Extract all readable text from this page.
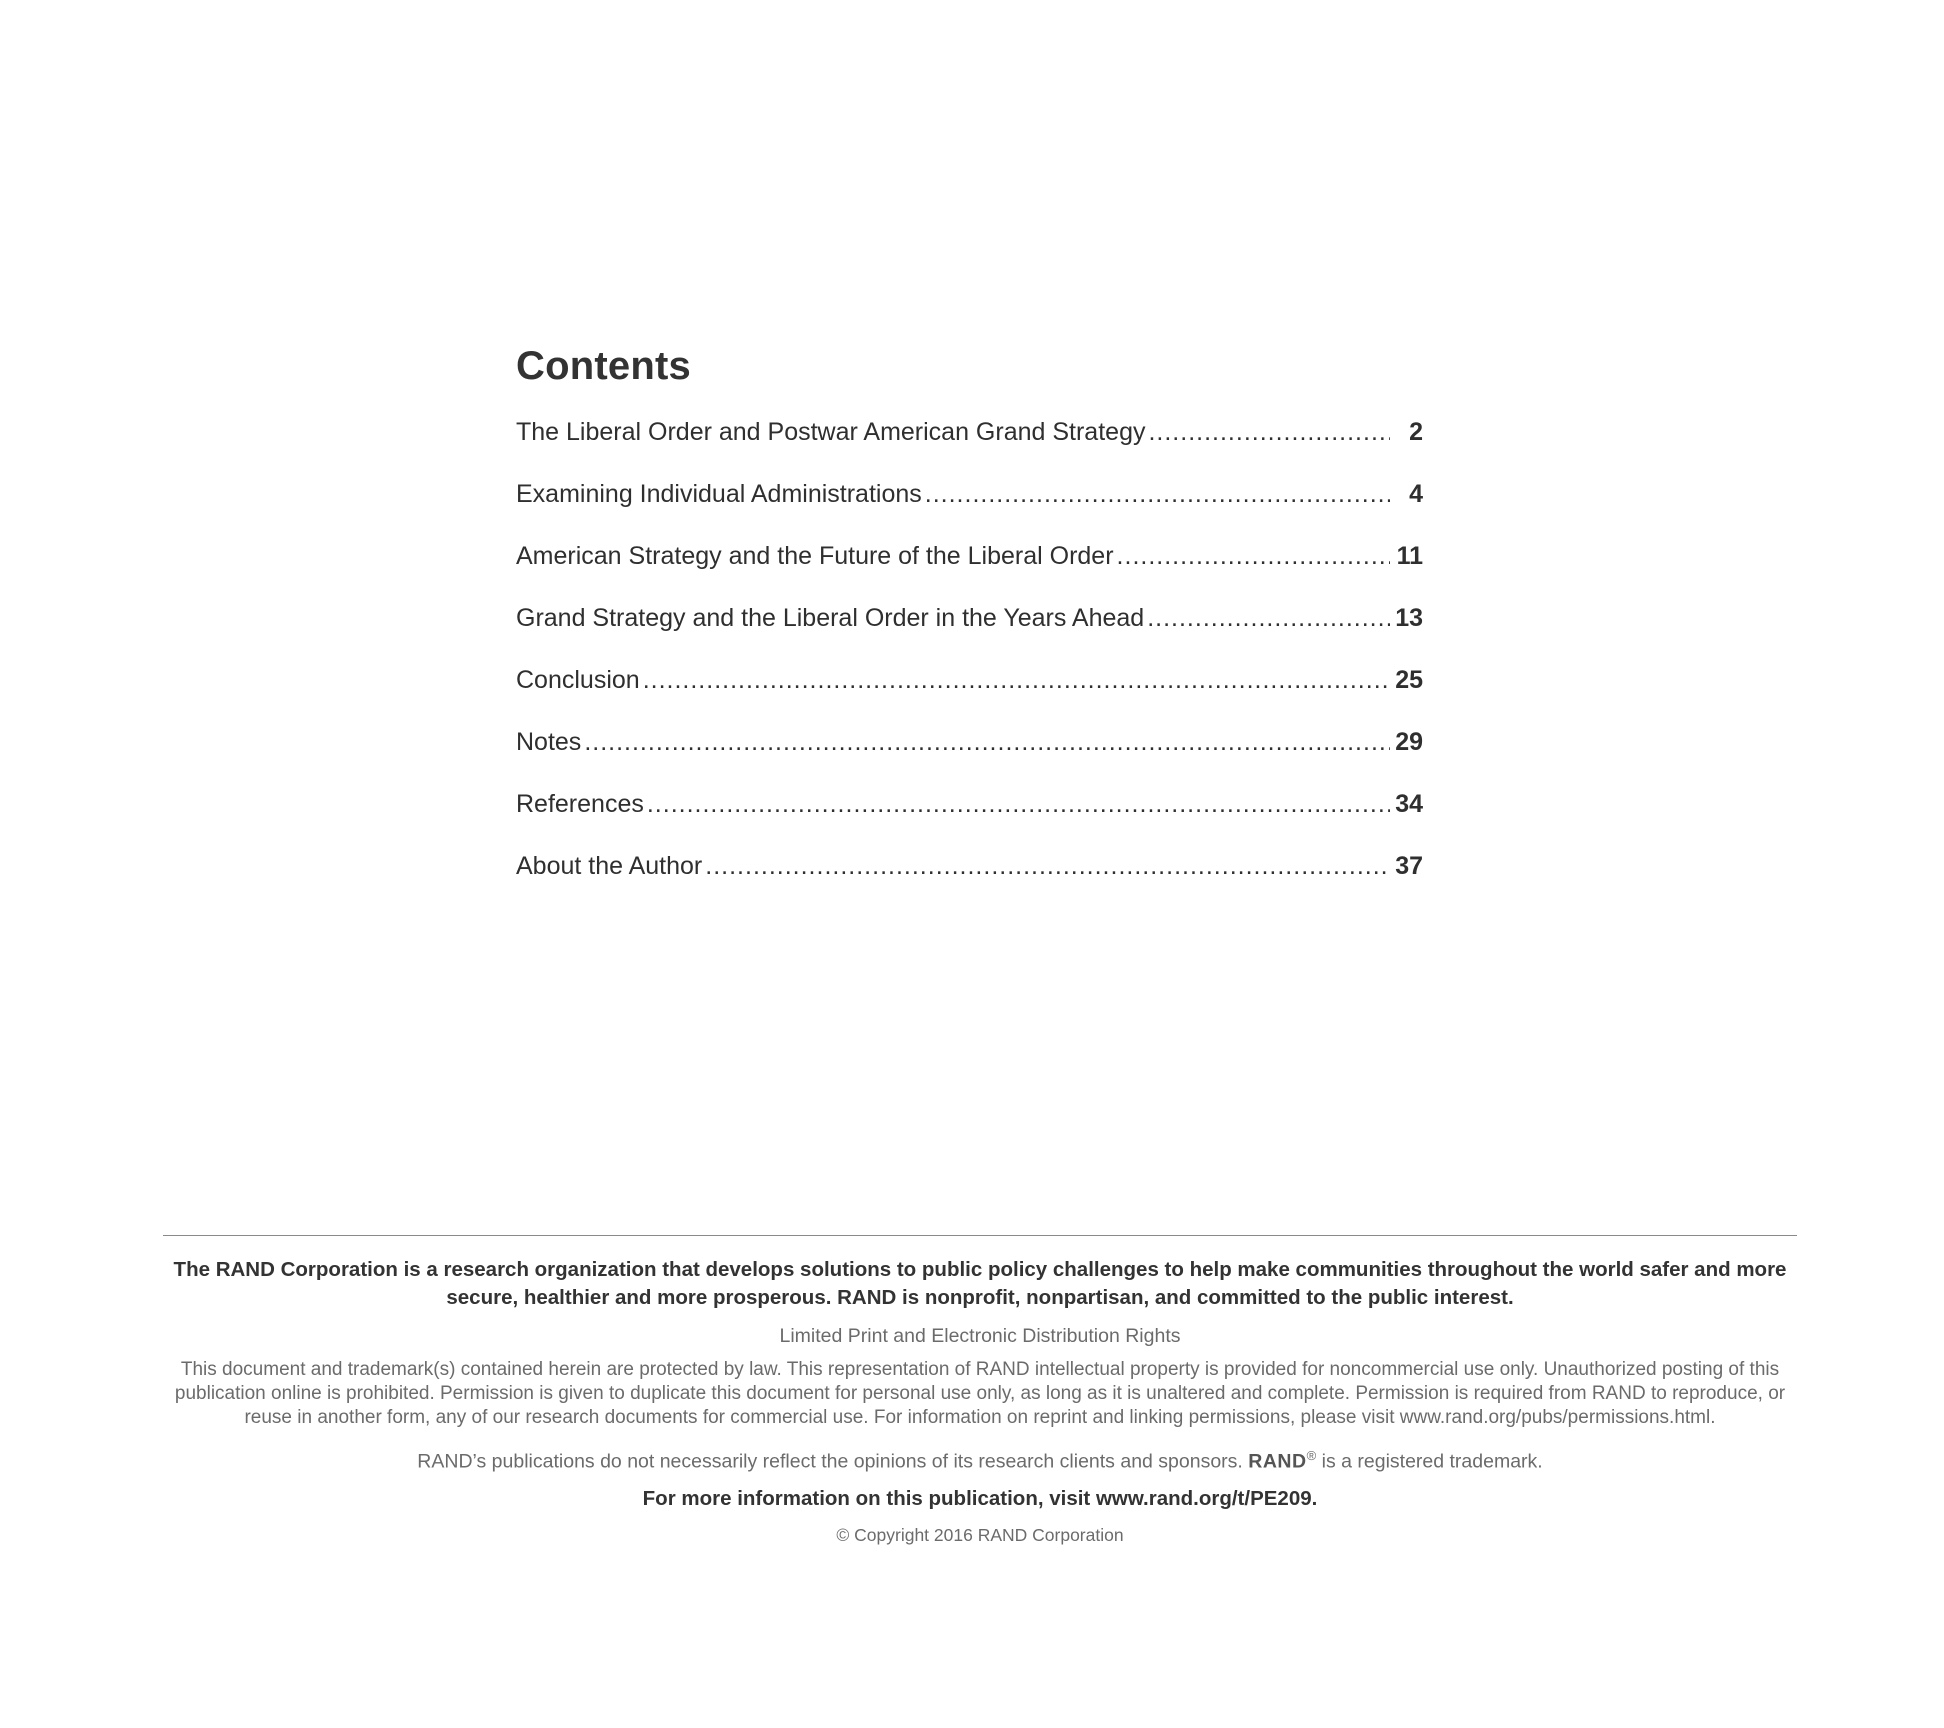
Contents
The Liberal Order and Postwar American Grand Strategy .....	2
Examining Individual Administrations .....	4
American Strategy and the Future of the Liberal Order .....	11
Grand Strategy and the Liberal Order in the Years Ahead .....	13
Conclusion .....	25
Notes .....	29
References .....	34
About the Author .....	37

The RAND Corporation is a research organization that develops solutions to public policy challenges to help make communities throughout the world safer and more secure, healthier and more prosperous. RAND is nonprofit, nonpartisan, and committed to the public interest.

Limited Print and Electronic Distribution Rights

This document and trademark(s) contained herein are protected by law. This representation of RAND intellectual property is provided for noncommercial use only. Unauthorized posting of this publication online is prohibited. Permission is given to duplicate this document for personal use only, as long as it is unaltered and complete. Permission is required from RAND to reproduce, or reuse in another form, any of our research documents for commercial use. For information on reprint and linking permissions, please visit www.rand.org/pubs/permissions.html.

RAND’s publications do not necessarily reflect the opinions of its research clients and sponsors. RAND® is a registered trademark.

For more information on this publication, visit www.rand.org/t/PE209.

© Copyright 2016 RAND Corporation
